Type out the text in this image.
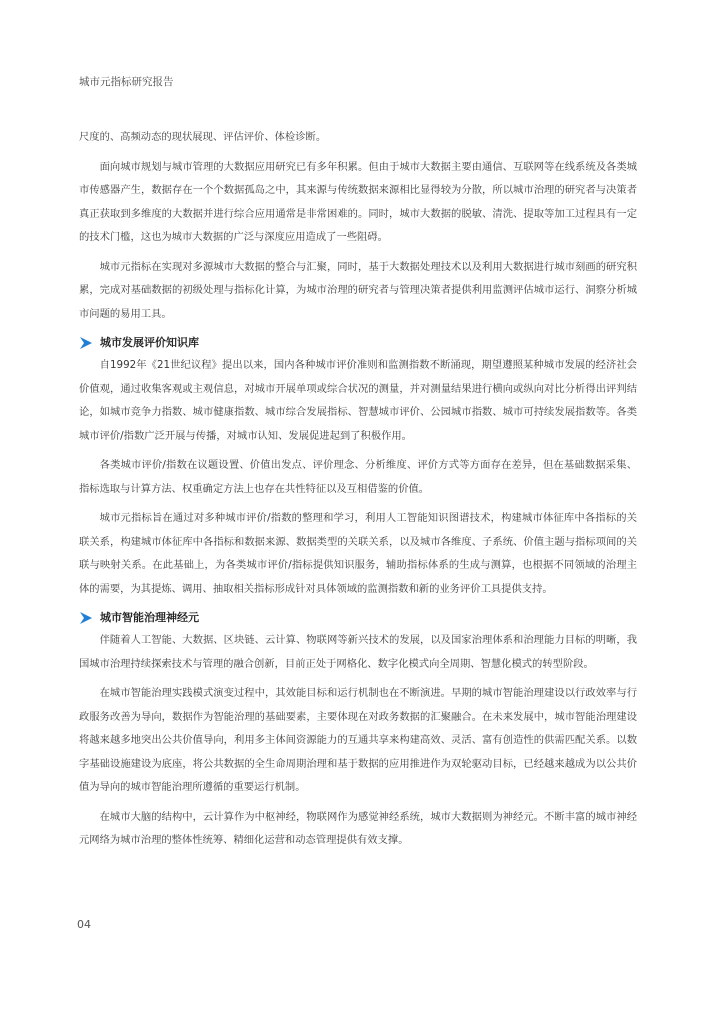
城市元指标研究报告

尺度的、高频动态的现状展现、评估评价、体检诊断。

面向城市规划与城市管理的大数据应用研究已有多年积累。但由于城市大数据主要由通信、互联网等在线系统及各类城市传感器产生，数据存在一个个数据孤岛之中，其来源与传统数据来源相比显得较为分散，所以城市治理的研究者与决策者真正获取到多维度的大数据并进行综合应用通常是非常困难的。同时，城市大数据的脱敏、清洗、提取等加工过程具有一定的技术门槛，这也为城市大数据的广泛与深度应用造成了一些阻碍。

城市元指标在实现对多源城市大数据的整合与汇聚，同时，基于大数据处理技术以及利用大数据进行城市刻画的研究积累，完成对基础数据的初级处理与指标化计算，为城市治理的研究者与管理决策者提供利用监测评估城市运行、洞察分析城市问题的易用工具。

城市发展评价知识库

自1992年《21世纪议程》提出以来，国内各种城市评价准则和监测指数不断涌现，期望遵照某种城市发展的经济社会价值观，通过收集客观或主观信息，对城市开展单项或综合状况的测量，并对测量结果进行横向或纵向对比分析得出评判结论，如城市竞争力指数、城市健康指数、城市综合发展指标、智慧城市评价、公园城市指数、城市可持续发展指数等。各类城市评价/指数广泛开展与传播，对城市认知、发展促进起到了积极作用。

各类城市评价/指数在议题设置、价值出发点、评价理念、分析维度、评价方式等方面存在差异，但在基础数据采集、指标选取与计算方法、权重确定方法上也存在共性特征以及互相借鉴的价值。

城市元指标旨在通过对多种城市评价/指数的整理和学习，利用人工智能知识图谱技术，构建城市体征库中各指标的关联关系，构建城市体征库中各指标和数据来源、数据类型的关联关系，以及城市各维度、子系统、价值主题与指标项间的关联与映射关系。在此基础上，为各类城市评价/指标提供知识服务，辅助指标体系的生成与测算，也根据不同领域的治理主体的需要，为其提炼、调用、抽取相关指标形成针对具体领域的监测指数和新的业务评价工具提供支持。

城市智能治理神经元

伴随着人工智能、大数据、区块链、云计算、物联网等新兴技术的发展，以及国家治理体系和治理能力目标的明晰，我国城市治理持续探索技术与管理的融合创新，目前正处于网格化、数字化模式向全周期、智慧化模式的转型阶段。

在城市智能治理实践模式演变过程中，其效能目标和运行机制也在不断演进。早期的城市智能治理建设以行政效率与行政服务改善为导向，数据作为智能治理的基础要素，主要体现在对政务数据的汇聚融合。在未来发展中，城市智能治理建设将越来越多地突出公共价值导向，利用多主体间资源能力的互通共享来构建高效、灵活、富有创造性的供需匹配关系。以数字基础设施建设为底座，将公共数据的全生命周期治理和基于数据的应用推进作为双轮驱动目标，已经越来越成为以公共价值为导向的城市智能治理所遵循的重要运行机制。

在城市大脑的结构中，云计算作为中枢神经，物联网作为感觉神经系统，城市大数据则为神经元。不断丰富的城市神经元网络为城市治理的整体性统筹、精细化运营和动态管理提供有效支撑。

04
